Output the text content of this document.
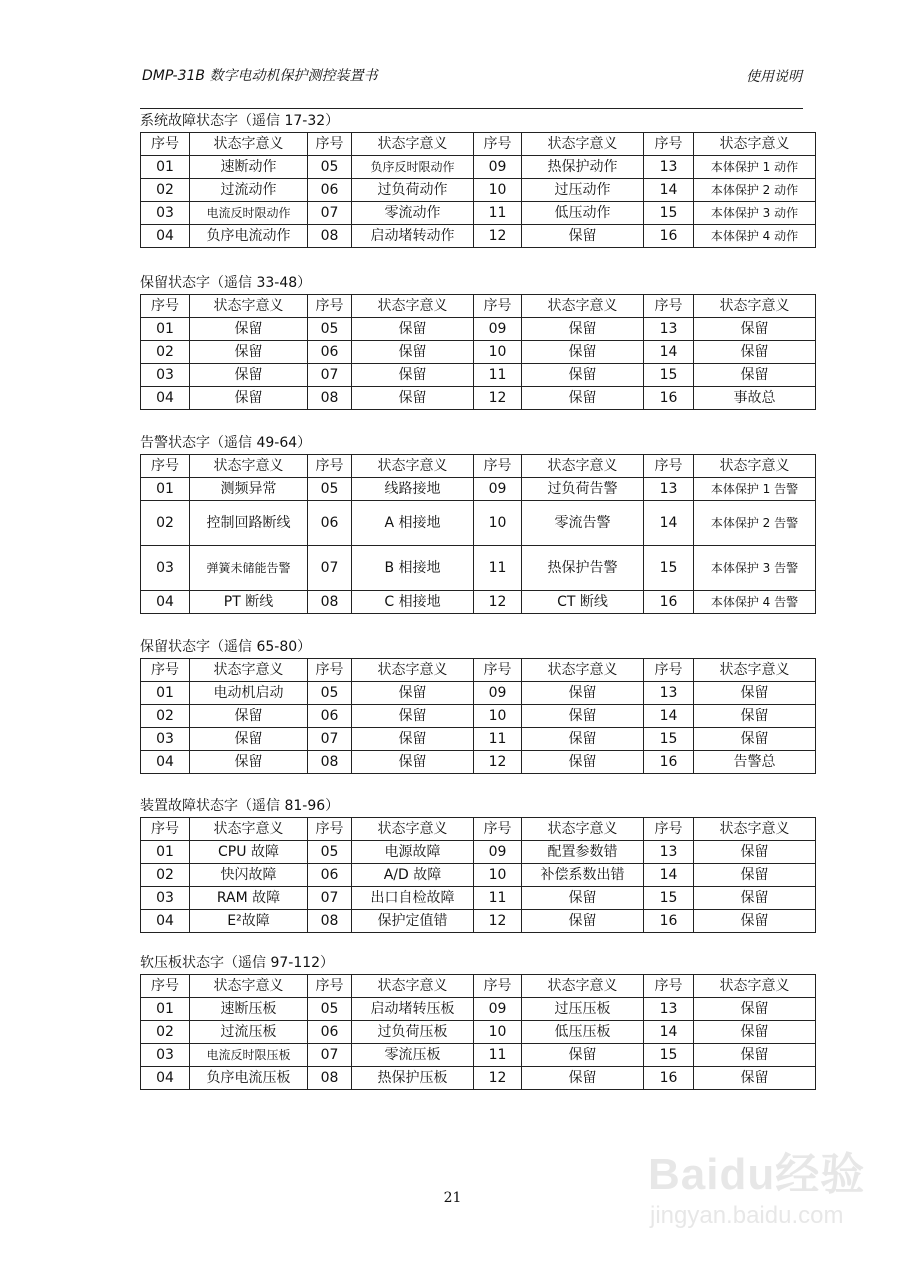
DMP-31B 数字电动机保护测控装置书	使用说明
系统故障状态字（遥信 17-32）
序号	状态字意义	序号	状态字意义	序号	状态字意义	序号	状态字意义
01	速断动作	05	负序反时限动作	09	热保护动作	13	本体保护 1 动作
02	过流动作	06	过负荷动作	10	过压动作	14	本体保护 2 动作
03	电流反时限动作	07	零流动作	11	低压动作	15	本体保护 3 动作
04	负序电流动作	08	启动堵转动作	12	保留	16	本体保护 4 动作
保留状态字（遥信 33-48）
序号	状态字意义	序号	状态字意义	序号	状态字意义	序号	状态字意义
01	保留	05	保留	09	保留	13	保留
02	保留	06	保留	10	保留	14	保留
03	保留	07	保留	11	保留	15	保留
04	保留	08	保留	12	保留	16	事故总
告警状态字（遥信 49-64）
序号	状态字意义	序号	状态字意义	序号	状态字意义	序号	状态字意义
01	测频异常	05	线路接地	09	过负荷告警	13	本体保护 1 告警
02	控制回路断线	06	A 相接地	10	零流告警	14	本体保护 2 告警
03	弹簧未储能告警	07	B 相接地	11	热保护告警	15	本体保护 3 告警
04	PT 断线	08	C 相接地	12	CT 断线	16	本体保护 4 告警
保留状态字（遥信 65-80）
序号	状态字意义	序号	状态字意义	序号	状态字意义	序号	状态字意义
01	电动机启动	05	保留	09	保留	13	保留
02	保留	06	保留	10	保留	14	保留
03	保留	07	保留	11	保留	15	保留
04	保留	08	保留	12	保留	16	告警总
装置故障状态字（遥信 81-96）
序号	状态字意义	序号	状态字意义	序号	状态字意义	序号	状态字意义
01	CPU 故障	05	电源故障	09	配置参数错	13	保留
02	快闪故障	06	A/D 故障	10	补偿系数出错	14	保留
03	RAM 故障	07	出口自检故障	11	保留	15	保留
04	E²故障	08	保护定值错	12	保留	16	保留
软压板状态字（遥信 97-112）
序号	状态字意义	序号	状态字意义	序号	状态字意义	序号	状态字意义
01	速断压板	05	启动堵转压板	09	过压压板	13	保留
02	过流压板	06	过负荷压板	10	低压压板	14	保留
03	电流反时限压板	07	零流压板	11	保留	15	保留
04	负序电流压板	08	热保护压板	12	保留	16	保留
21	Baidu经验
jingyan.baidu.com
